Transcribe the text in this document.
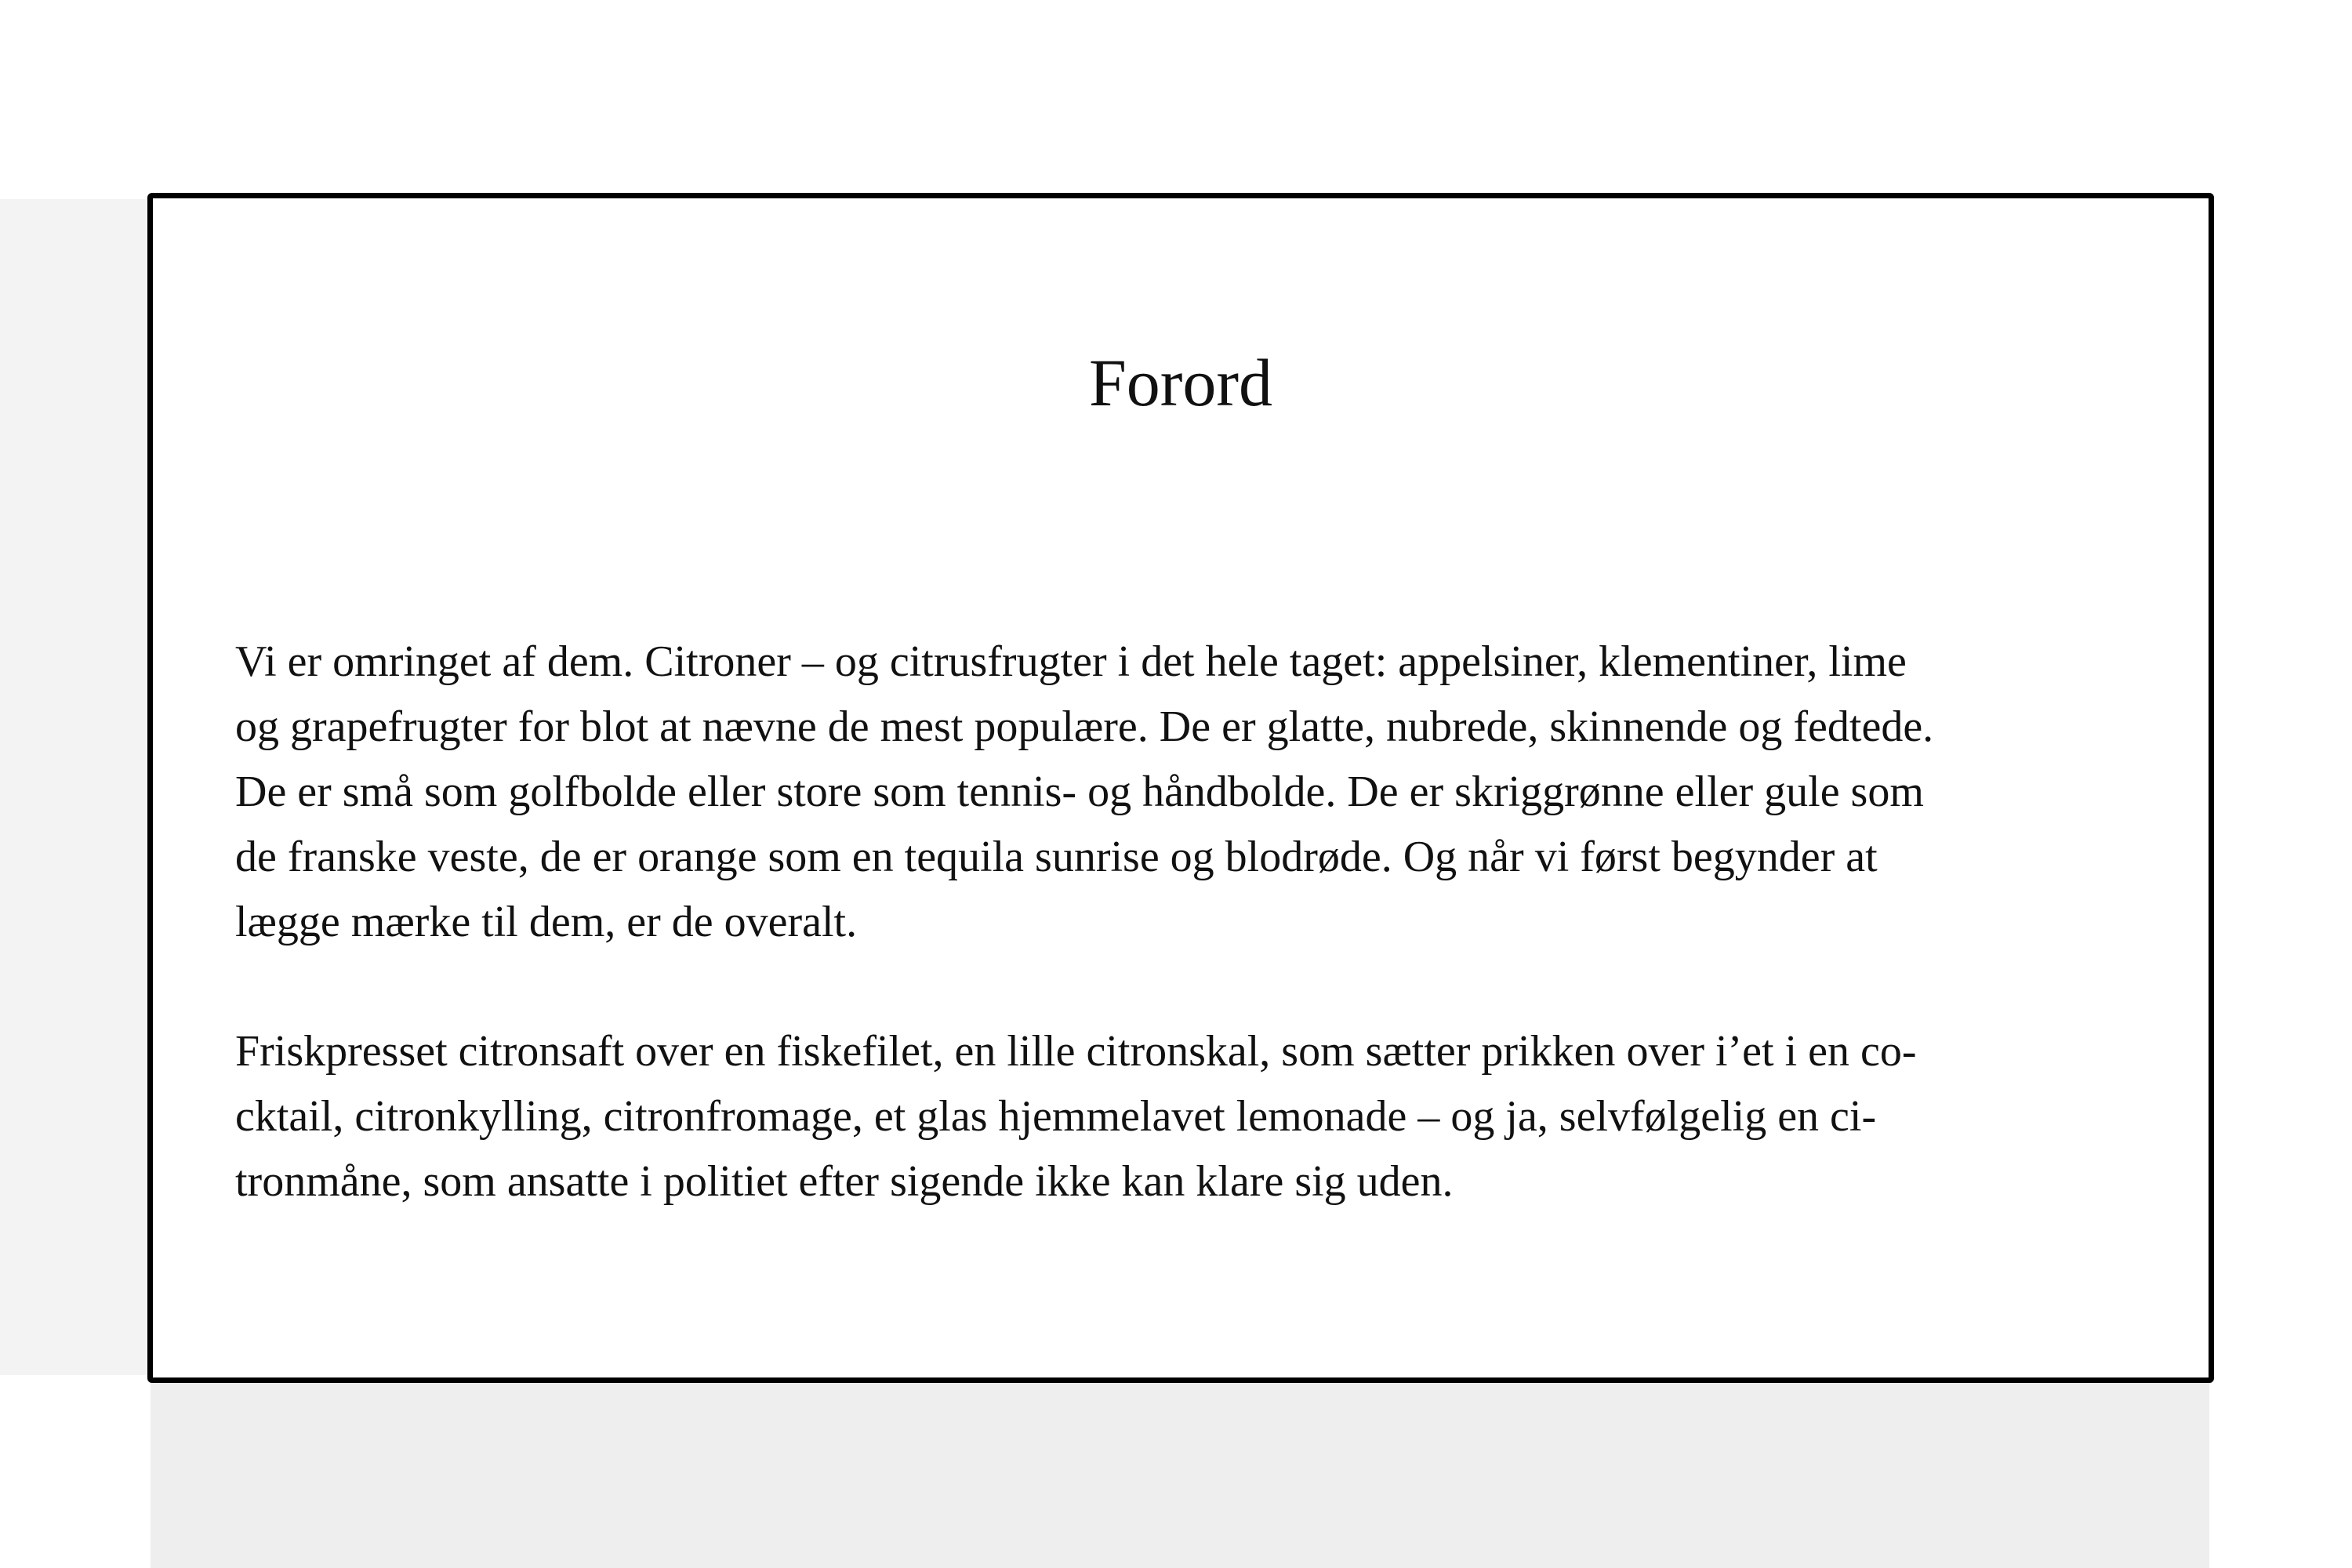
Forord

Vi er omringet af dem. Citroner – og citrusfrugter i det hele taget: appelsiner, klementiner, lime
og grapefrugter for blot at nævne de mest populære. De er glatte, nubrede, skinnende og fedtede.
De er små som golfbolde eller store som tennis- og håndbolde. De er skriggrønne eller gule som
de franske veste, de er orange som en tequila sunrise og blodrøde. Og når vi først begynder at
lægge mærke til dem, er de overalt.

Friskpresset citronsaft over en fiskefilet, en lille citronskal, som sætter prikken over i’et i en co-
cktail, citronkylling, citronfromage, et glas hjemmelavet lemonade – og ja, selvfølgelig en ci-
tronmåne, som ansatte i politiet efter sigende ikke kan klare sig uden.
